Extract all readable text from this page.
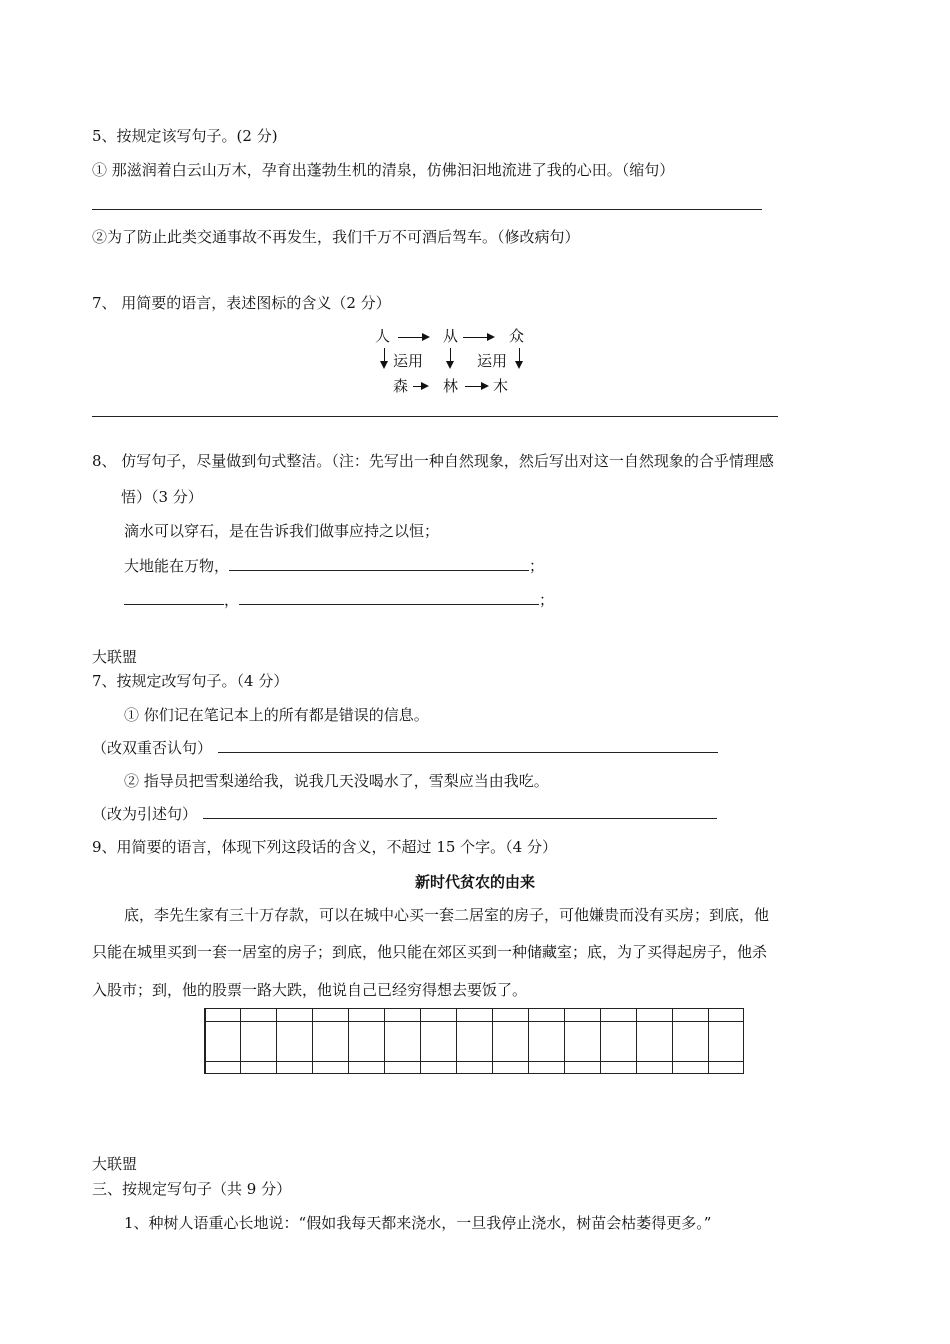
5、按规定该写句子。(2 分)
① 那滋润着白云山万木，孕育出蓬勃生机的清泉，仿佛汩汩地流进了我的心田。（缩句）
②为了防止此类交通事故不再发生，我们千万不可酒后驾车。（修改病句）
7、 用简要的语言，表述图标的含义（2 分）
人	从	众
运用	运用
森 林 木
8、 仿写句子，尽量做到句式整洁。（注：先写出一种自然现象，然后写出对这一自然现象的合乎情理感
悟）（3 分）
滴水可以穿石，是在告诉我们做事应持之以恒；
大地能在万物，	；
，	；
大联盟
7、按规定改写句子。（4 分）
① 你们记在笔记本上的所有都是错误的信息。
（改双重否认句）
② 指导员把雪梨递给我，说我几天没喝水了，雪梨应当由我吃。
（改为引述句）
9、用简要的语言，体现下列这段话的含义，不超过 15 个字。（4 分）
新时代贫农的由来
底，李先生家有三十万存款，可以在城中心买一套二居室的房子，可他嫌贵而没有买房；到底，他
只能在城里买到一套一居室的房子；到底，他只能在郊区买到一种储藏室；底，为了买得起房子，他杀
入股市；到，他的股票一路大跌，他说自己已经穷得想去要饭了。
大联盟
三、按规定写句子（共 9 分）
1、种树人语重心长地说：“假如我每天都来浇水，一旦我停止浇水，树苗会枯萎得更多。”
